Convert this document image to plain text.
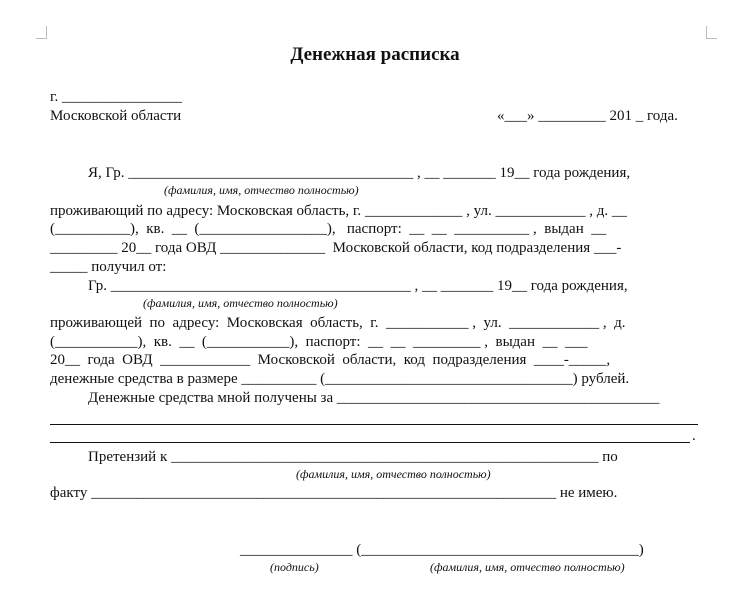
Денежная расписка
г. ________________
Московской области	«___» _________ 201 _ года.
Я, Гр. ______________________________________ , __ _______ 19__ года рождения,
(фамилия, имя, отчество полностью)
проживающий по адресу: Московская область, г. _____________ , ул. ____________ , д. __
(__________),  кв.  __  (_________________),   паспорт:  __  __  __________ ,  выдан  __
_________ 20__ года ОВД ______________  Московской области, код подразделения ___-
_____ получил от:
Гр. ________________________________________ , __ _______ 19__ года рождения,
(фамилия, имя, отчество полностью)
проживающей  по  адресу:  Московская  область,  г.  ___________ ,  ул.  ____________ ,  д.
(___________),  кв.  __  (___________),  паспорт:  __  __  _________ ,  выдан  __  ___
20__  года  ОВД  ____________  Московской  области,  код  подразделения  ____-_____,
денежные средства в размере __________ (_________________________________) рублей.
Денежные средства мной получены за ___________________________________________
.
Претензий к _________________________________________________________ по
(фамилия, имя, отчество полностью)
факту ______________________________________________________________ не имею.
_______________ (_____________________________________)
(подпись)	(фамилия, имя, отчество полностью)
